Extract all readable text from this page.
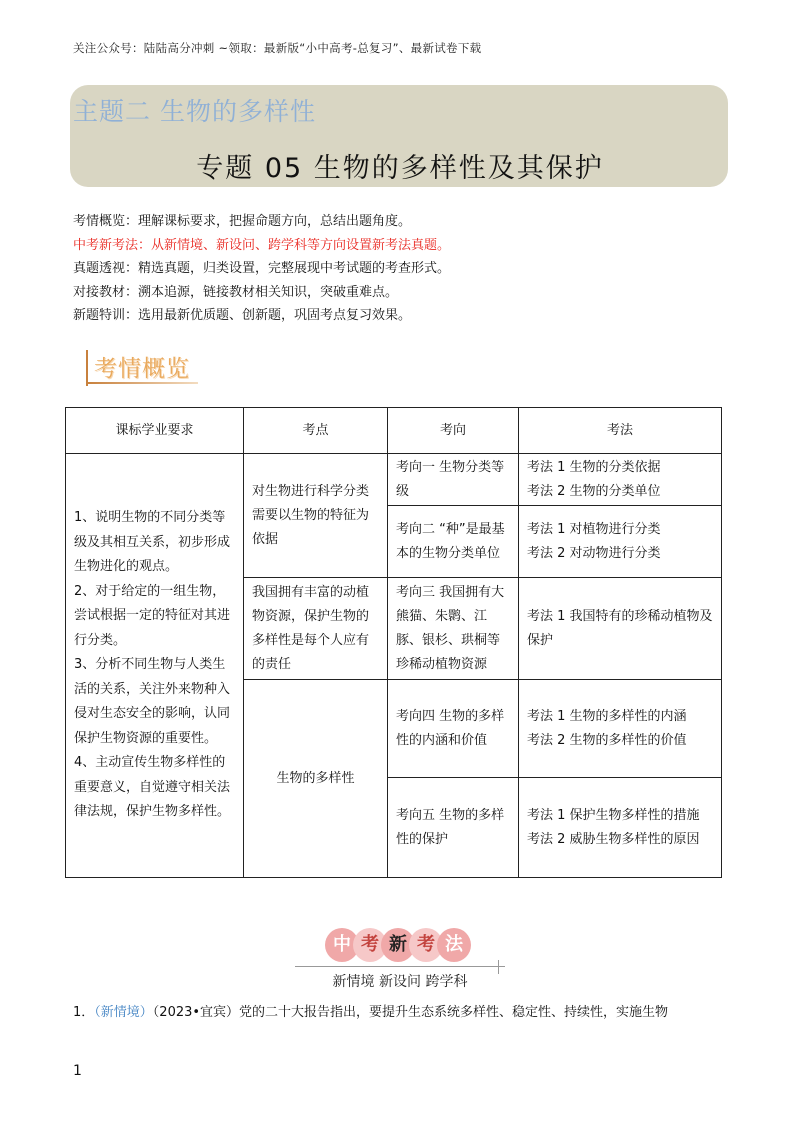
关注公众号：陆陆高分冲刺 ~领取：最新版“小中高考-总复习”、最新试卷下载
主题二 生物的多样性
专题 05 生物的多样性及其保护
考情概览：理解课标要求，把握命题方向，总结出题角度。
中考新考法：从新情境、新设问、跨学科等方向设置新考法真题。
真题透视：精选真题，归类设置，完整展现中考试题的考查形式。
对接教材：溯本追源，链接教材相关知识，突破重难点。
新题特训：选用最新优质题、创新题，巩固考点复习效果。
考情概览
课标学业要求	考点	考向	考法
1、说明生物的不同分类等级及其相互关系，初步形成生物进化的观点。
2、对于给定的一组生物，尝试根据一定的特征对其进行分类。
3、分析不同生物与人类生活的关系，关注外来物种入侵对生态安全的影响，认同保护生物资源的重要性。
4、主动宣传生物多样性的重要意义，自觉遵守相关法律法规，保护生物多样性。	对生物进行科学分类需要以生物的特征为依据	考向一 生物分类等级	考法 1 生物的分类依据
考法 2 生物的分类单位
		考向二 “种”是最基本的生物分类单位	考法 1 对植物进行分类
考法 2 对动物进行分类
	我国拥有丰富的动植物资源，保护生物的多样性是每个人应有的责任	考向三 我国拥有大熊猫、朱鹮、江豚、银杉、珙桐等珍稀动植物资源	考法 1 我国特有的珍稀动植物及保护
	生物的多样性	考向四 生物的多样性的内涵和价值	考法 1 生物的多样性的内涵
考法 2 生物的多样性的价值
		考向五 生物的多样性的保护	考法 1 保护生物多样性的措施
考法 2 威胁生物多样性的原因
中 考 新 考 法
新情境 新设问 跨学科
1．（新情境）（2023•宜宾）党的二十大报告指出，要提升生态系统多样性、稳定性、持续性，实施生物
1
